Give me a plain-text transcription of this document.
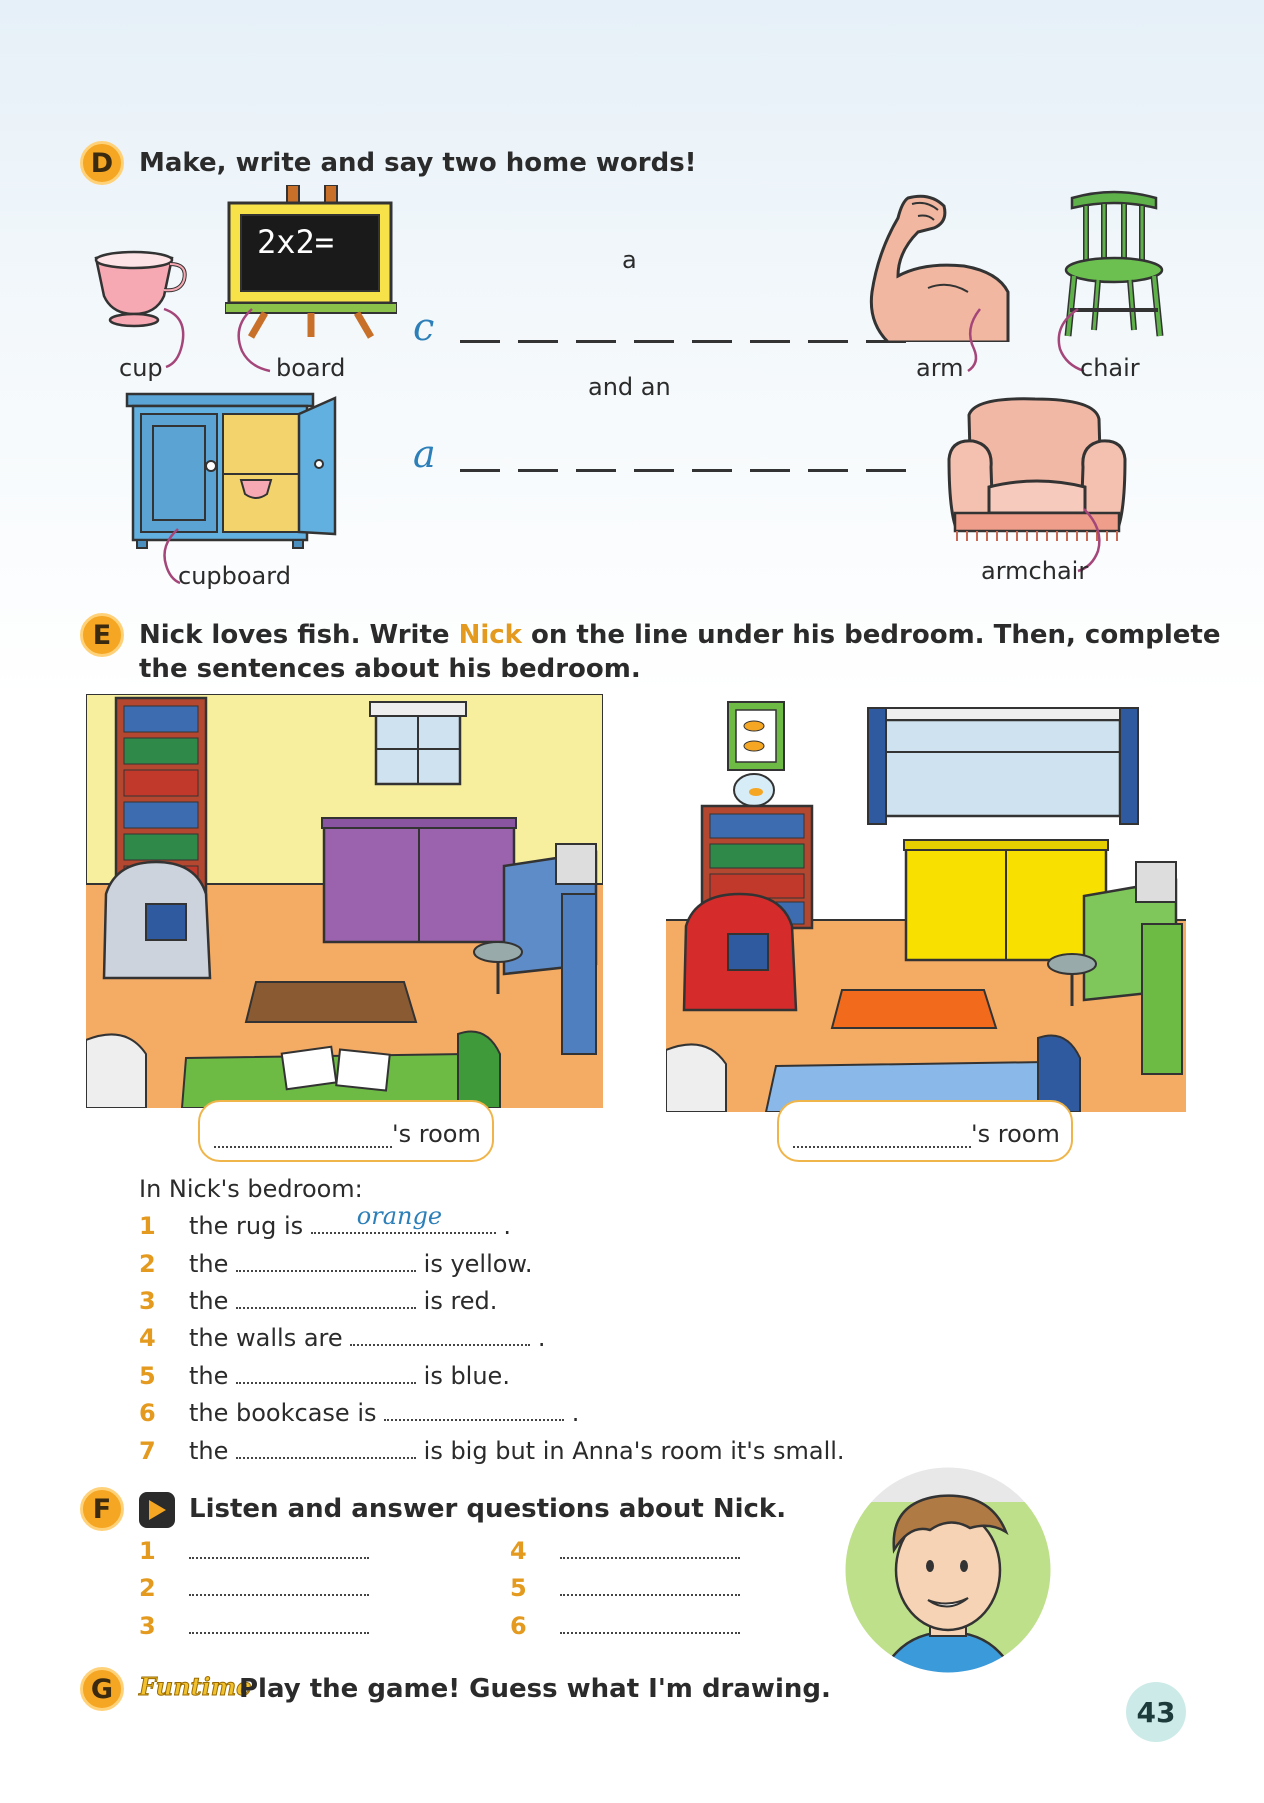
D Make, write and say two home words!
cup
2x2=
board
a
c
and an
a
arm	chair
cupboard	armchair
E Nick loves fish. Write Nick on the line under his bedroom. Then, complete
the sentences about his bedroom.
's room	's room
In Nick's bedroom:
1 the rug is orange .
2 the	is yellow.
3 the	is red.
4 the walls are	.
5 the	is blue.
6 the bookcase is	.
7 the	is big but in Anna's room it's small.
F	Listen and answer questions about Nick.
1
2
3
4
5
6
G Funtime
Play the game! Guess what I'm drawing.
43
